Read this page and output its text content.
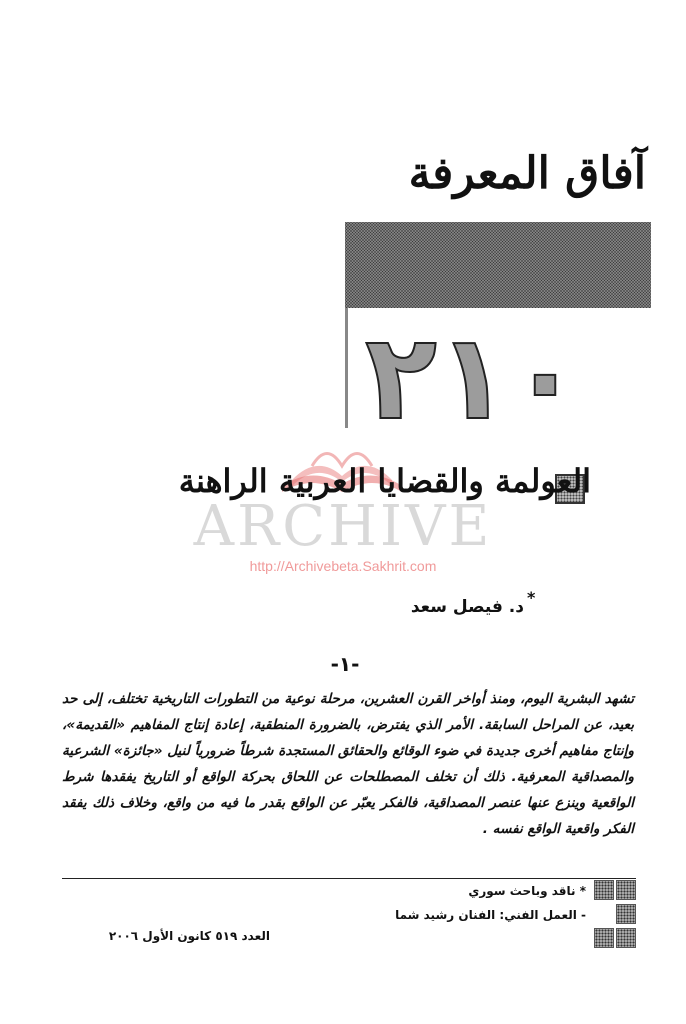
آفاق المعرفة
٢١٠
ARCHIVE
http://Archivebeta.Sakhrit.com
العولمة والقضايا العربية الراهنة
*
د. فيصل سعد
-١-
تشهد البشرية اليوم، ومنذ أواخر القرن العشرين، مرحلة نوعية من التطورات التاريخية تختلف، إلى حد بعيد، عن المراحل السابقة. الأمر الذي يفترض، بالضرورة المنطقية، إعادة إنتاج المفاهيم «القديمة»، وإنتاج مفاهيم أخرى جديدة في ضوء الوقائع والحقائق المستجدة شرطاً ضرورياً لنيل «جائزة» الشرعية والمصداقية المعرفية. ذلك أن تخلف المصطلحات عن اللحاق بحركة الواقع أو التاريخ يفقدها شرط الواقعية وينزع عنها عنصر المصداقية، فالفكر يعبّر عن الواقع بقدر ما فيه من واقع، وخلاف ذلك يفقد الفكر واقعية الواقع نفسه .
* ناقد وباحث سوري
- العمل الفني: الفنان رشيد شما
العدد ٥١٩ كانون الأول ٢٠٠٦
